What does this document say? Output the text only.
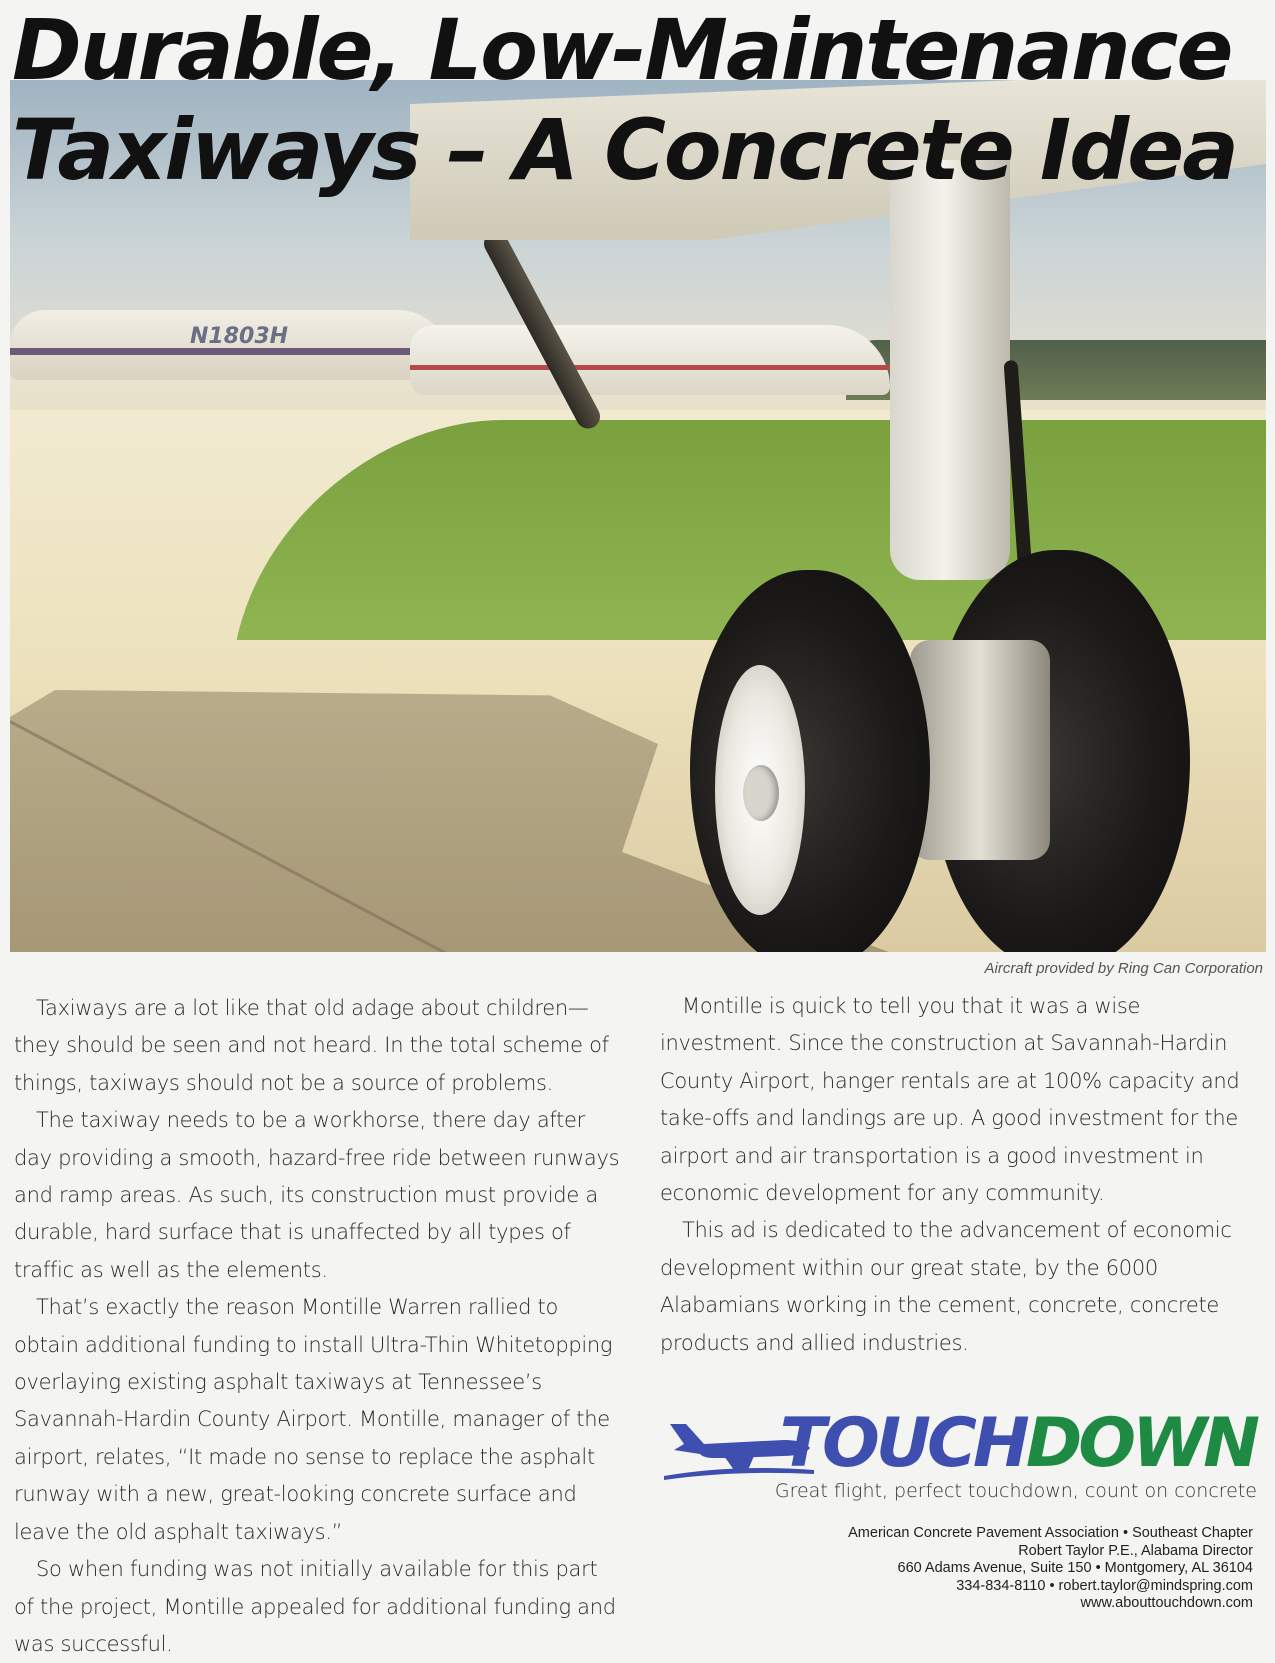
Durable, Low-Maintenance
Taxiways – A Concrete Idea
N1803H

Aircraft provided by Ring Can Corporation

Taxiways are a lot like that old adage about children—they should be seen and not heard. In the total scheme of things, taxiways should not be a source of problems.

The taxiway needs to be a workhorse, there day after day providing a smooth, hazard-free ride between runways and ramp areas. As such, its construction must provide a durable, hard surface that is unaffected by all types of traffic as well as the elements.

That’s exactly the reason Montille Warren rallied to obtain additional funding to install Ultra-Thin Whitetopping overlaying existing asphalt taxiways at Tennessee’s Savannah-Hardin County Airport. Montille, manager of the airport, relates, “It made no sense to replace the asphalt runway with a new, great-looking concrete surface and leave the old asphalt taxiways.”

So when funding was not initially available for this part of the project, Montille appealed for additional funding and was successful.

Montille is quick to tell you that it was a wise investment. Since the construction at Savannah-Hardin County Airport, hanger rentals are at 100% capacity and take-offs and landings are up. A good investment for the airport and air transportation is a good investment in economic development for any community.

This ad is dedicated to the advancement of economic development within our great state, by the 6000 Alabamians working in the cement, concrete, concrete products and allied industries.

TOUCHDOWN

Great flight, perfect touchdown, count on concrete

American Concrete Pavement Association • Southeast Chapter
Robert Taylor P.E., Alabama Director
660 Adams Avenue, Suite 150 • Montgomery, AL 36104
334-834-8110 • robert.taylor@mindspring.com
www.abouttouchdown.com
